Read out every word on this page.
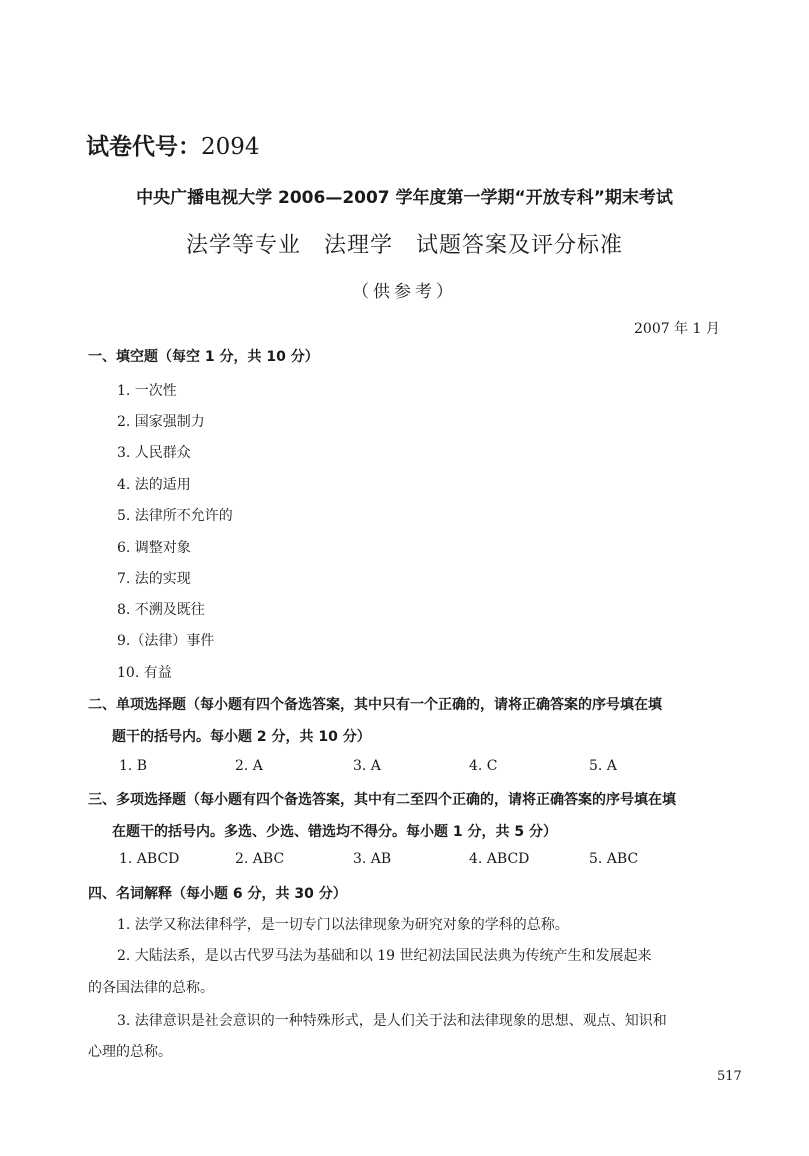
试卷代号：2094
中央广播电视大学 2006—2007 学年度第一学期“开放专科”期末考试
法学等专业　法理学　试题答案及评分标准
（供参考）
2007 年 1 月
一、填空题（每空 1 分，共 10 分）
1. 一次性
2. 国家强制力
3. 人民群众
4. 法的适用
5. 法律所不允许的
6. 调整对象
7. 法的实现
8. 不溯及既往
9.（法律）事件
10. 有益
二、单项选择题（每小题有四个备选答案，其中只有一个正确的，请将正确答案的序号填在填
题干的括号内。每小题 2 分，共 10 分）
1. B	2. A	3. A	4. C	5. A
三、多项选择题（每小题有四个备选答案，其中有二至四个正确的，请将正确答案的序号填在填
在题干的括号内。多选、少选、错选均不得分。每小题 1 分，共 5 分）
1. ABCD	2. ABC	3. AB	4. ABCD	5. ABC
四、名词解释（每小题 6 分，共 30 分）
1. 法学又称法律科学，是一切专门以法律现象为研究对象的学科的总称。
2. 大陆法系，是以古代罗马法为基础和以 19 世纪初法国民法典为传统产生和发展起来
的各国法律的总称。
3. 法律意识是社会意识的一种特殊形式，是人们关于法和法律现象的思想、观点、知识和
心理的总称。
517
